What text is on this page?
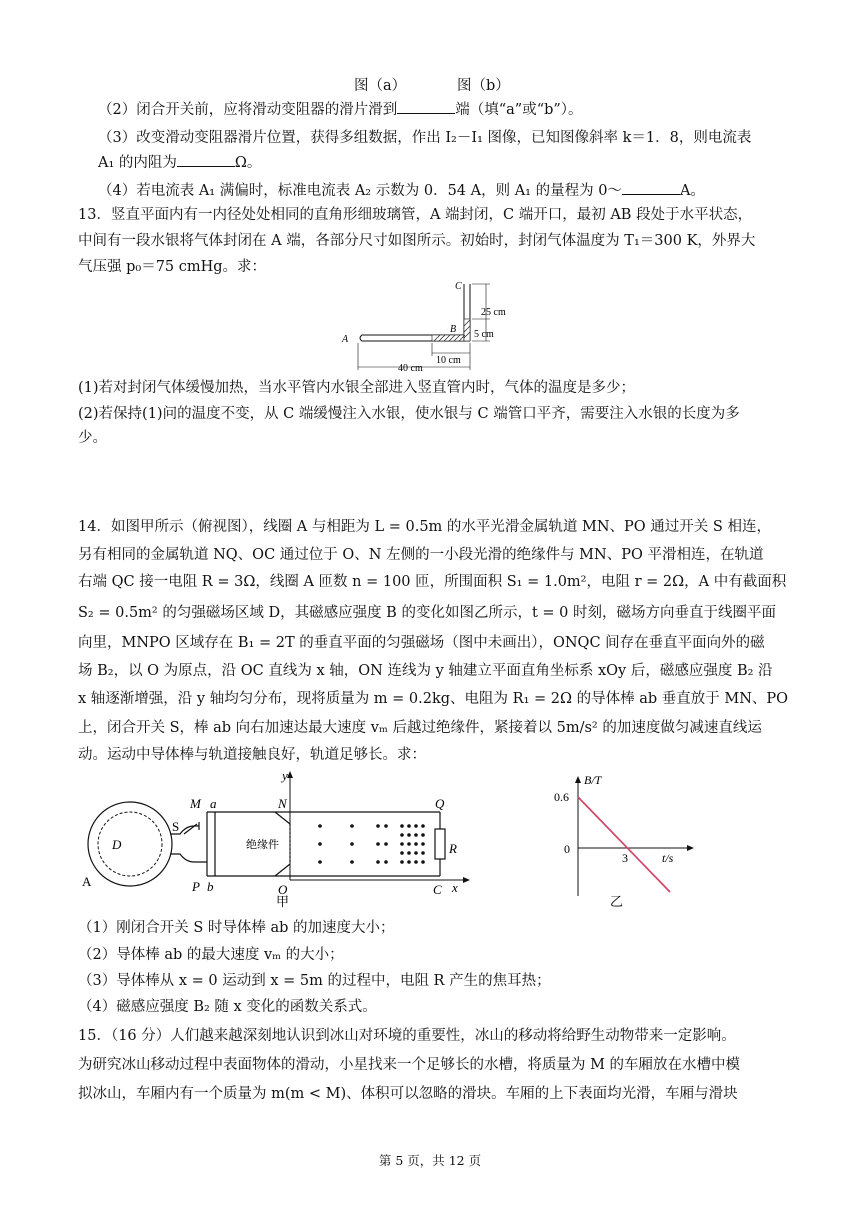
图（a）	图（b）
（2）闭合开关前，应将滑动变阻器的滑片滑到	端（填“a”或“b”）。
（3）改变滑动变阻器滑片位置，获得多组数据，作出 I₂－I₁ 图像，已知图像斜率 k＝1．8，则电流表
A₁ 的内阻为	Ω。
（4）若电流表 A₁ 满偏时，标准电流表 A₂ 示数为 0．54 A，则 A₁ 的量程为 0～	A。
13．竖直平面内有一内径处处相同的直角形细玻璃管，A 端封闭，C 端开口，最初 AB 段处于水平状态，
中间有一段水银将气体封闭在 A 端，各部分尺寸如图所示。初始时，封闭气体温度为 T₁＝300 K，外界大
气压强 p₀＝75 cmHg。求：
C
B
A
25 cm
5 cm
10 cm
40 cm
(1)若对封闭气体缓慢加热，当水平管内水银全部进入竖直管内时，气体的温度是多少；
(2)若保持(1)问的温度不变，从 C 端缓慢注入水银，使水银与 C 端管口平齐，需要注入水银的长度为多
少。
14．如图甲所示（俯视图），线圈 A 与相距为 L = 0.5m 的水平光滑金属轨道 MN、PO 通过开关 S 相连，
另有相同的金属轨道 NQ、OC 通过位于 O、N 左侧的一小段光滑的绝缘件与 MN、PO 平滑相连，在轨道
右端 QC 接一电阻 R = 3Ω，线圈 A 匝数 n = 100 匝，所围面积 S₁ = 1.0m²，电阻 r = 2Ω，A 中有截面积
S₂ = 0.5m² 的匀强磁场区域 D，其磁感应强度 B 的变化如图乙所示，t = 0 时刻，磁场方向垂直于线圈平面
向里，MNPO 区域存在 B₁ = 2T 的垂直平面的匀强磁场（图中未画出），ONQC 间存在垂直平面向外的磁
场 B₂，以 O 为原点，沿 OC 直线为 x 轴，ON 连线为 y 轴建立平面直角坐标系 xOy 后，磁感应强度 B₂ 沿
x 轴逐渐增强，沿 y 轴均匀分布，现将质量为 m = 0.2kg、电阻为 R₁ = 2Ω 的导体棒 ab 垂直放于 MN、PO
上，闭合开关 S，棒 ab 向右加速达最大速度 vₘ 后越过绝缘件，紧接着以 5m/s² 的加速度做匀减速直线运
动。运动中导体棒与轨道接触良好，轨道足够长。求：
M a	N	Q
P b	O	C
R
x
y
D
S
A
绝缘件
甲
B/T
0.6
0
3	t/s
乙
（1）刚闭合开关 S 时导体棒 ab 的加速度大小；
（2）导体棒 ab 的最大速度 vₘ 的大小；
（3）导体棒从 x = 0 运动到 x = 5m 的过程中，电阻 R 产生的焦耳热；
（4）磁感应强度 B₂ 随 x 变化的函数关系式。
15．（16 分）人们越来越深刻地认识到冰山对环境的重要性，冰山的移动将给野生动物带来一定影响。
为研究冰山移动过程中表面物体的滑动，小星找来一个足够长的水槽，将质量为 M 的车厢放在水槽中模
拟冰山，车厢内有一个质量为 m(m < M)、体积可以忽略的滑块。车厢的上下表面均光滑，车厢与滑块
第 5 页，共 12 页
